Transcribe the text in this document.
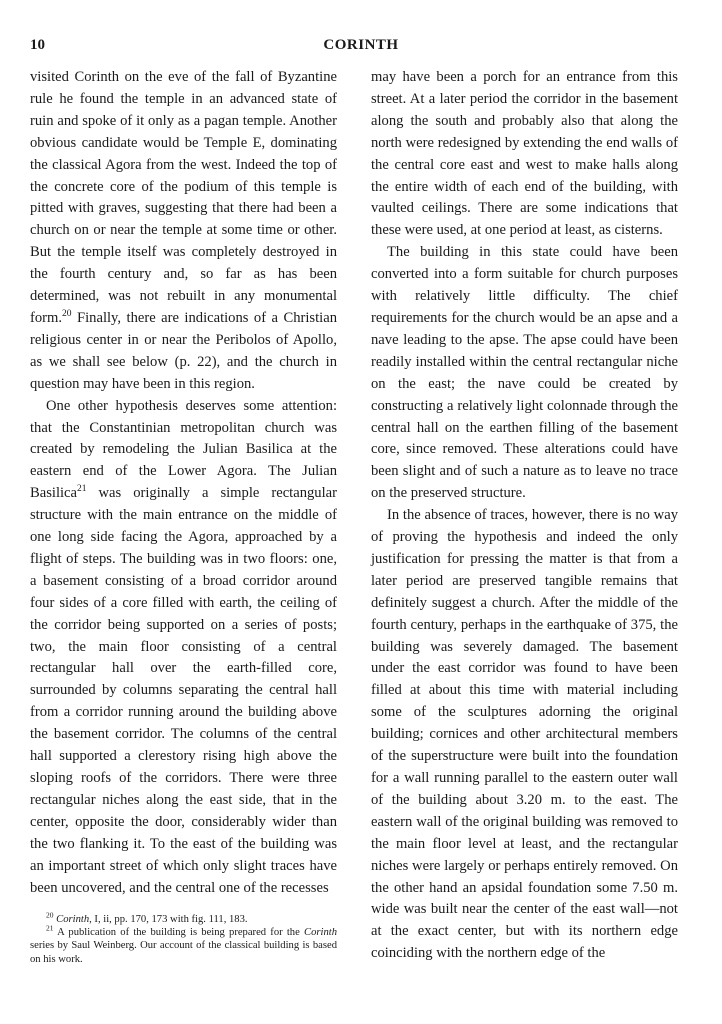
10	CORINTH

visited Corinth on the eve of the fall of Byzantine rule he found the temple in an advanced state of ruin and spoke of it only as a pagan temple. Another obvious candidate would be Temple E, dominating the classical Agora from the west. Indeed the top of the concrete core of the podium of this temple is pitted with graves, suggesting that there had been a church on or near the temple at some time or other. But the temple itself was completely destroyed in the fourth century and, so far as has been determined, was not rebuilt in any monumental form.$^{20}$ Finally, there are indications of a Christian religious center in or near the Peribolos of Apollo, as we shall see below (p. 22), and the church in question may have been in this region.

One other hypothesis deserves some attention: that the Constantinian metropolitan church was created by remodeling the Julian Basilica at the eastern end of the Lower Agora. The Julian Basilica$^{21}$ was originally a simple rectangular structure with the main entrance on the middle of one long side facing the Agora, approached by a flight of steps. The building was in two floors: one, a basement consisting of a broad corridor around four sides of a core filled with earth, the ceiling of the corridor being supported on a series of posts; two, the main floor consisting of a central rectangular hall over the earth-filled core, surrounded by columns separating the central hall from a corridor running around the building above the basement corridor. The columns of the central hall supported a clerestory rising high above the sloping roofs of the corridors. There were three rectangular niches along the east side, that in the center, opposite the door, considerably wider than the two flanking it. To the east of the building was an important street of which only slight traces have been uncovered, and the central one of the recesses

may have been a porch for an entrance from this street. At a later period the corridor in the basement along the south and probably also that along the north were redesigned by extending the end walls of the central core east and west to make halls along the entire width of each end of the building, with vaulted ceilings. There are some indications that these were used, at one period at least, as cisterns.

The building in this state could have been converted into a form suitable for church purposes with relatively little difficulty. The chief requirements for the church would be an apse and a nave leading to the apse. The apse could have been readily installed within the central rectangular niche on the east; the nave could be created by constructing a relatively light colonnade through the central hall on the earthen filling of the basement core, since removed. These alterations could have been slight and of such a nature as to leave no trace on the preserved structure.

In the absence of traces, however, there is no way of proving the hypothesis and indeed the only justification for pressing the matter is that from a later period are preserved tangible remains that definitely suggest a church. After the middle of the fourth century, perhaps in the earthquake of 375, the building was severely damaged. The basement under the east corridor was found to have been filled at about this time with material including some of the sculptures adorning the original building; cornices and other architectural members of the superstructure were built into the foundation for a wall running parallel to the eastern outer wall of the building about 3.20 m. to the east. The eastern wall of the original building was removed to the main floor level at least, and the rectangular niches were largely or perhaps entirely removed. On the other hand an apsidal foundation some 7.50 m. wide was built near the center of the east wall—not at the exact center, but with its northern edge coinciding with the northern edge of the

$^{20}$ Corinth, I, ii, pp. 170, 173 with fig. 111, 183.

$^{21}$ A publication of the building is being prepared for the Corinth series by Saul Weinberg. Our account of the classical building is based on his work.
